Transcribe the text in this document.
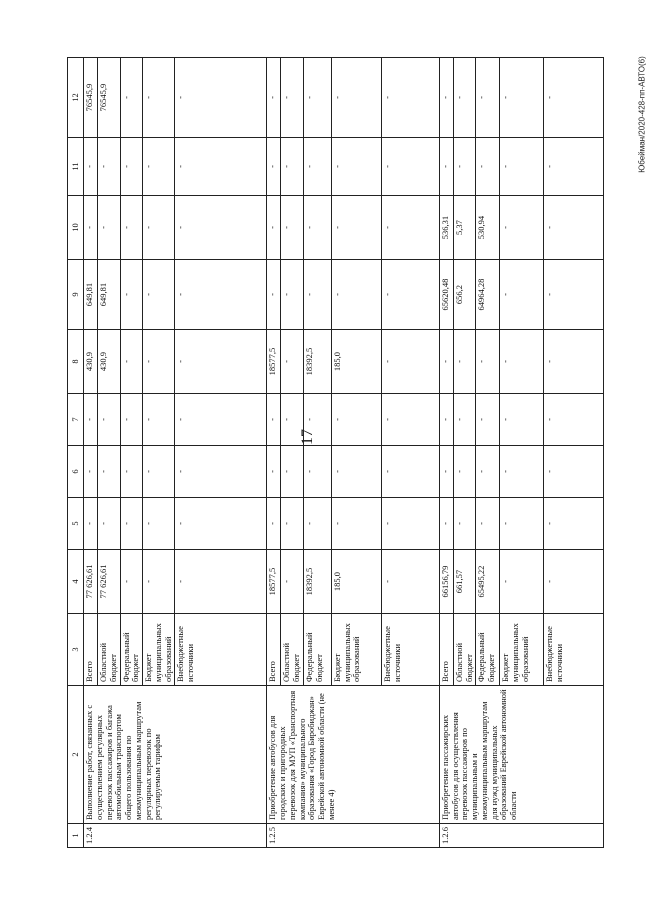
17
Юбейман/2020-428-пп-АВТО(6)
1	2	3	4	5	6	7	8	9	10	11	12
1.2.4	Выполнение работ, связанных с осуществлением регулярных перевозок пассажиров и багажа автомобильным транспортом общего пользования по межмуниципальным маршрутам регулярных перевозок по регулируемым тарифам	Всего	77 626,61	-	-	-	430,9	649,81	-	-	76545,9
		Областной бюджет	77 626,61	-	-	-	430,9	649,81	-	-	76545,9
		Федеральный бюджет	-	-	-	-	-	-	-	-	-
		Бюджет муниципальных образований	-	-	-	-	-	-	-	-	-
		Внебюджетные источники	-	-	-	-	-	-	-	-	-
1.2.5	Приобретение автобусов для городских и пригородных перевозок для МУП «Транспортная компания» муниципального образования «Город Биробиджан» Еврейской автономной области (не менее 4)	Всего	18577,5	-	-	-	18577,5	-	-	-	-
		Областной бюджет	-	-	-	-	-	-	-	-	-
		Федеральный бюджет	18392,5	-	-	-	18392,5	-	-	-	-
		Бюджет муниципальных образований	185,0	-	-	-	185,0	-	-	-	-
		Внебюджетные источники	-	-	-	-	-	-	-	-	-
1.2.6	Приобретение пассажирских автобусов для осуществления перевозок пассажиров по муниципальным и межмуниципальным маршрутам для нужд муниципальных образований Еврейской автономной области	Всего	66156,79	-	-	-	-	65620,48	536,31	-	-
		Областной бюджет	661,57	-	-	-	-	656,2	5,37	-	-
		Федеральный бюджет	65495,22	-	-	-	-	64964,28	530,94	-	-
		Бюджет муниципальных образований	-	-	-	-	-	-	-	-	-
		Внебюджетные источники	-	-	-	-	-	-	-	-	-
